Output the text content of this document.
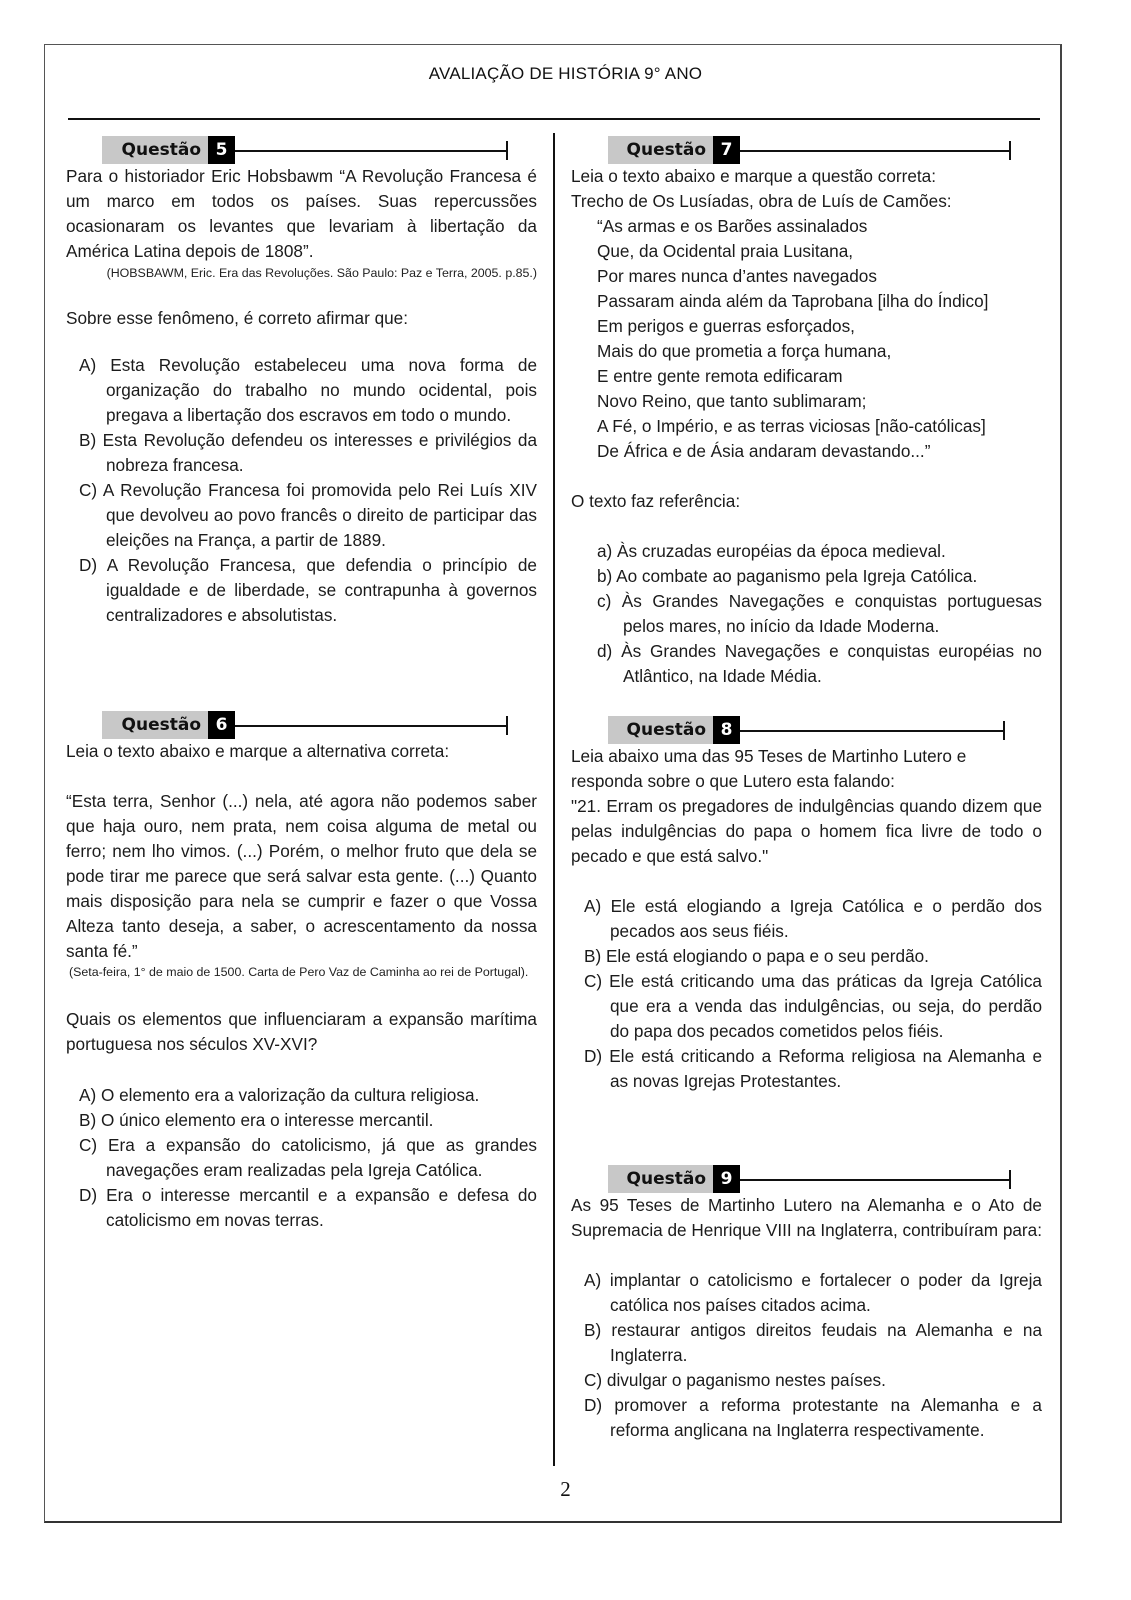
AVALIAÇÃO DE HISTÓRIA 9° ANO
Questão 5

Para o historiador Eric Hobsbawm “A Revolução Francesa é um marco em todos os países. Suas repercussões ocasionaram os levantes que levariam à libertação da América Latina depois de 1808”.

(HOBSBAWM, Eric. Era das Revoluções. São Paulo: Paz e Terra, 2005. p.85.)

Sobre esse fenômeno, é correto afirmar que:

A) Esta Revolução estabeleceu uma nova forma de organização do trabalho no mundo ocidental, pois pregava a libertação dos escravos em todo o mundo.

B) Esta Revolução defendeu os interesses e privilégios da nobreza francesa.

C) A Revolução Francesa foi promovida pelo Rei Luís XIV que devolveu ao povo francês o direito de participar das eleições na França, a partir de 1889.

D) A Revolução Francesa, que defendia o princípio de igualdade e de liberdade, se contrapunha à governos centralizadores e absolutistas.

Questão 6

Leia o texto abaixo e marque a alternativa correta:

“Esta terra, Senhor (...) nela, até agora não podemos saber que haja ouro, nem prata, nem coisa alguma de metal ou ferro; nem lho vimos. (...) Porém, o melhor fruto que dela se pode tirar me parece que será salvar esta gente. (...) Quanto mais disposição para nela se cumprir e fazer o que Vossa Alteza tanto deseja, a saber, o acrescentamento da nossa santa fé.”

(Seta-feira, 1° de maio de 1500. Carta de Pero Vaz de Caminha ao rei de Portugal).

Quais os elementos que influenciaram a expansão marítima portuguesa nos séculos XV-XVI?

A) O elemento era a valorização da cultura religiosa.

B) O único elemento era o interesse mercantil.

C) Era a expansão do catolicismo, já que as grandes navegações eram realizadas pela Igreja Católica.

D) Era o interesse mercantil e a expansão e defesa do catolicismo em novas terras.

Questão 7

Leia o texto abaixo e marque a questão correta:

Trecho de Os Lusíadas, obra de Luís de Camões:

“As armas e os Barões assinalados

Que, da Ocidental praia Lusitana,

Por mares nunca d’antes navegados

Passaram ainda além da Taprobana [ilha do Índico]

Em perigos e guerras esforçados,

Mais do que prometia a força humana,

E entre gente remota edificaram

Novo Reino, que tanto sublimaram;

A Fé, o Império, e as terras viciosas [não-católicas]

De África e de Ásia andaram devastando...”

O texto faz referência:

a) Às cruzadas européias da época medieval.

b) Ao combate ao paganismo pela Igreja Católica.

c) Às Grandes Navegações e conquistas portuguesas pelos mares, no início da Idade Moderna.

d) Às Grandes Navegações e conquistas européias no Atlântico, na Idade Média.

Questão 8

Leia abaixo uma das 95 Teses de Martinho Lutero e

responda sobre o que Lutero esta falando:

"21. Erram os pregadores de indulgências quando dizem que pelas indulgências do papa o homem fica livre de todo o pecado e que está salvo."

A) Ele está elogiando a Igreja Católica e o perdão dos pecados aos seus fiéis.

B) Ele está elogiando o papa e o seu perdão.

C) Ele está criticando uma das práticas da Igreja Católica que era a venda das indulgências, ou seja, do perdão do papa dos pecados cometidos pelos fiéis.

D) Ele está criticando a Reforma religiosa na Alemanha e as novas Igrejas Protestantes.

Questão 9

As 95 Teses de Martinho Lutero na Alemanha e o Ato de Supremacia de Henrique VIII na Inglaterra, contribuíram para:

A) implantar o catolicismo e fortalecer o poder da Igreja católica nos países citados acima.

B) restaurar antigos direitos feudais na Alemanha e na Inglaterra.

C) divulgar o paganismo nestes países.

D) promover a reforma protestante na Alemanha e a reforma anglicana na Inglaterra respectivamente.

2
